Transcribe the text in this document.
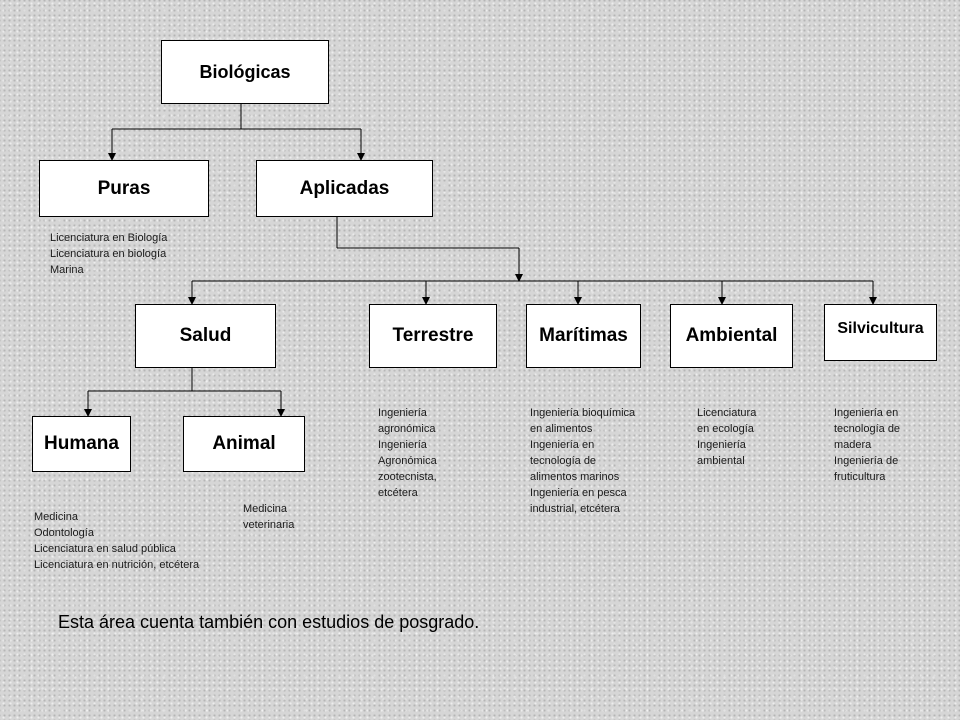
Biológicas
Puras	Aplicadas
Salud	Terrestre	Marítimas	Ambiental	Silvicultura
Humana	Animal
Licenciatura en Biología
Licenciatura en biología
Marina
Medicina
Odontología
Licenciatura en salud pública
Licenciatura en nutrición, etcétera
Medicina
veterinaria
Ingeniería
agronómica
Ingeniería
Agronómica
zootecnista,
etcétera
Ingeniería bioquímica
en alimentos
Ingeniería en
tecnología de
alimentos marinos
Ingeniería en pesca
industrial, etcétera
Licenciatura
en ecología
Ingeniería
ambiental
Ingeniería en
tecnología de
madera
Ingeniería de
fruticultura
Esta área cuenta también con estudios de posgrado.
